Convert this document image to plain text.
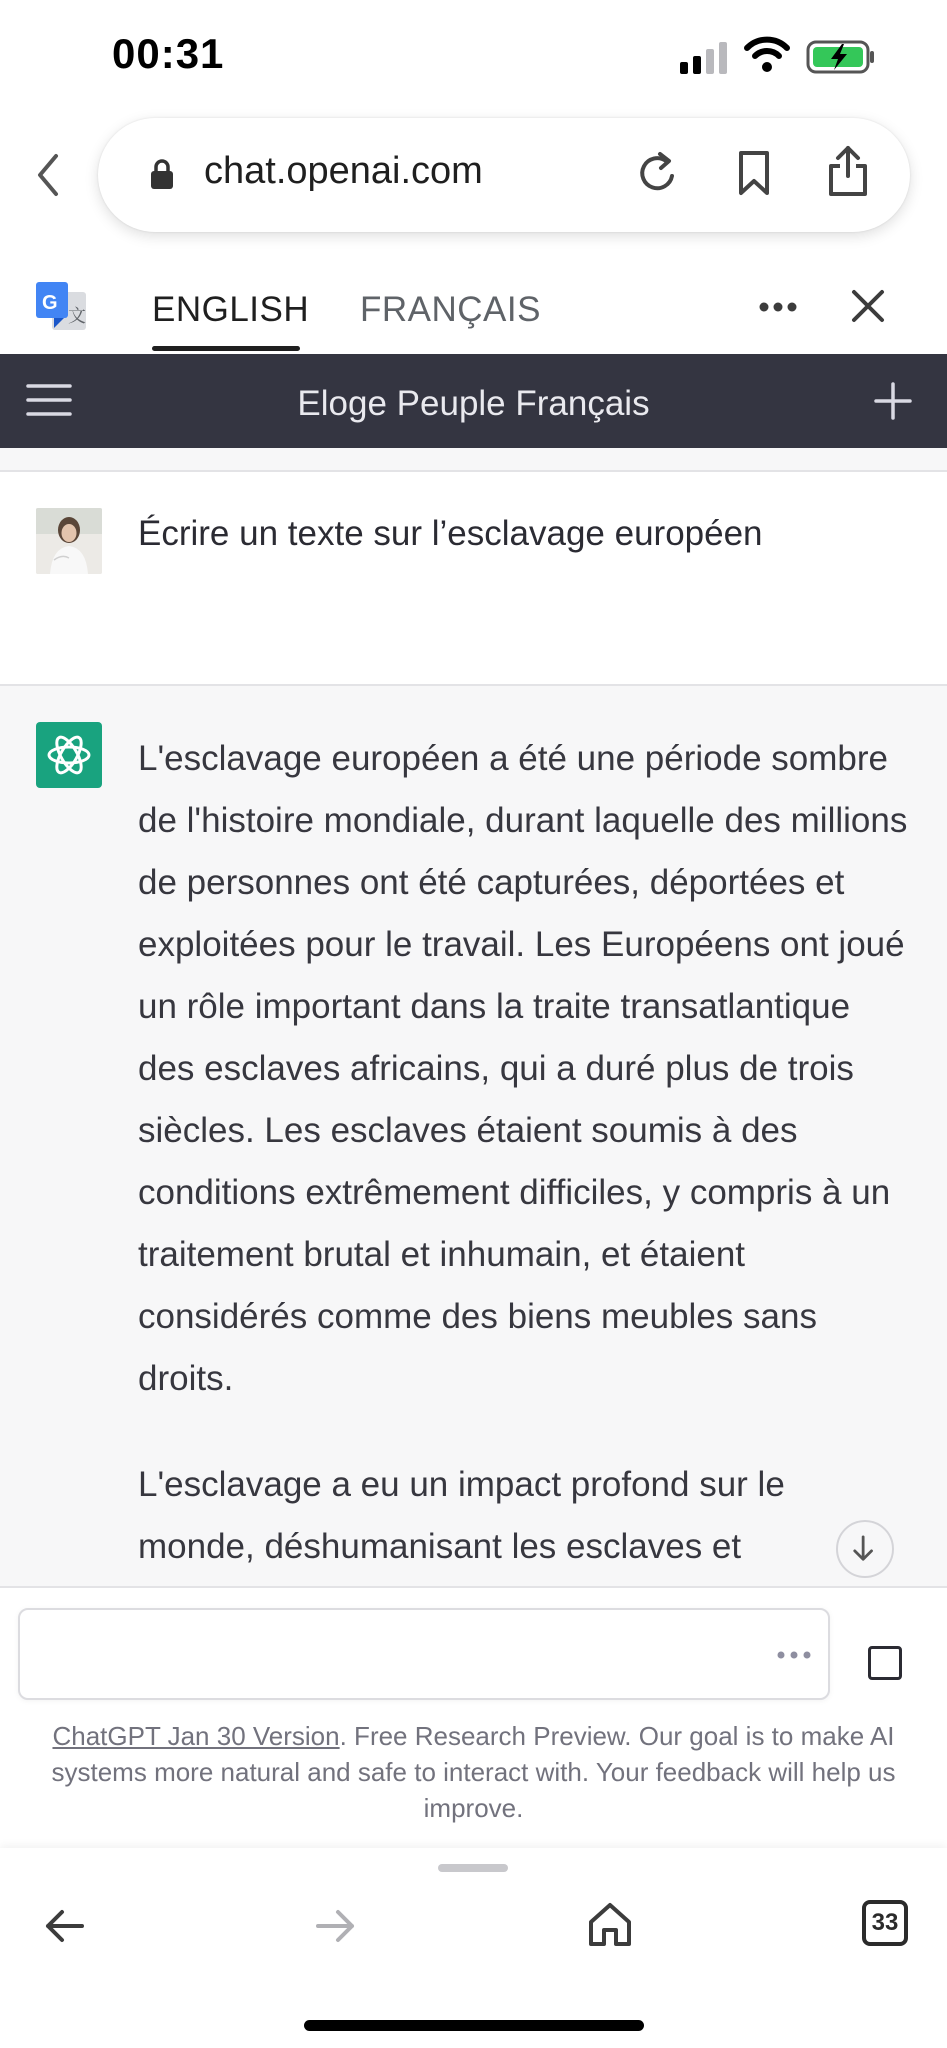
00:31
chat.openai.com
文
G	ENGLISH FRANÇAIS
Eloge Peuple Français
Écrire un texte sur l’esclavage européen

L'esclavage européen a été une période sombre de l'histoire mondiale, durant laquelle des millions de personnes ont été capturées, déportées et exploitées pour le travail. Les Européens ont joué un rôle important dans la traite transatlantique des esclaves africains, qui a duré plus de trois siècles. Les esclaves étaient soumis à des conditions extrêmement difficiles, y compris à un traitement brutal et inhumain, et étaient considérés comme des biens meubles sans droits.

L'esclavage a eu un impact profond sur le monde, déshumanisant les esclaves et

ChatGPT Jan 30 Version. Free Research Preview. Our goal is to make AI systems more natural and safe to interact with. Your feedback will help us improve.
33
